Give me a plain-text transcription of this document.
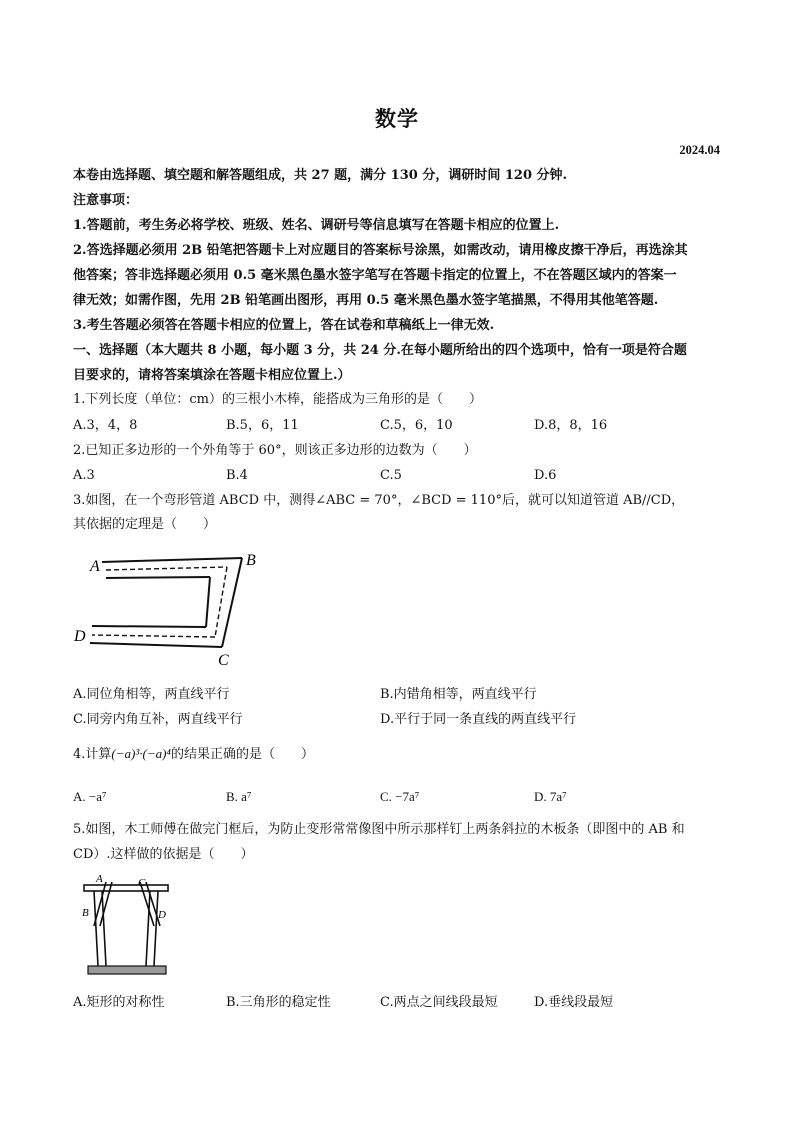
数学
2024.04
本卷由选择题、填空题和解答题组成，共 27 题，满分 130 分，调研时间 120 分钟.
注意事项：
1.答题前，考生务必将学校、班级、姓名、调研号等信息填写在答题卡相应的位置上.
2.答选择题必须用 2B 铅笔把答题卡上对应题目的答案标号涂黑，如需改动，请用橡皮擦干净后，再选涂其
他答案；答非选择题必须用 0.5 毫米黑色墨水签字笔写在答题卡指定的位置上，不在答题区域内的答案一
律无效；如需作图，先用 2B 铅笔画出图形，再用 0.5 毫米黑色墨水签字笔描黑，不得用其他笔答题.
3.考生答题必须答在答题卡相应的位置上，答在试卷和草稿纸上一律无效.
一、选择题（本大题共 8 小题，每小题 3 分，共 24 分.在每小题所给出的四个选项中，恰有一项是符合题
目要求的，请将答案填涂在答题卡相应位置上.）
1.下列长度（单位：cm）的三根小木棒，能搭成为三角形的是（　　）
A.3，4，8	B.5，6，11	C.5，6，10	D.8，8，16
2.已知正多边形的一个外角等于 60°，则该正多边形的边数为（　　）
A.3	B.4	C.5	D.6
3.如图，在一个弯形管道 ABCD 中，测得∠ABC = 70°，∠BCD = 110°后，就可以知道管道 AB//CD，
其依据的定理是（　　）
A	B
C
D
A.同位角相等，两直线平行	B.内错角相等，两直线平行
C.同旁内角互补，两直线平行	D.平行于同一条直线的两直线平行
4.计算(−a)³·(−a)⁴的结果正确的是（　　）
A. −a⁷	B. a⁷	C. −7a⁷	D. 7a⁷
5.如图，木工师傅在做完门框后，为防止变形常常像图中所示那样钉上两条斜拉的木板条（即图中的 AB 和
CD）.这样做的依据是（　　）
A
B
C
D
A.矩形的对称性	B.三角形的稳定性	C.两点之间线段最短	D.垂线段最短
